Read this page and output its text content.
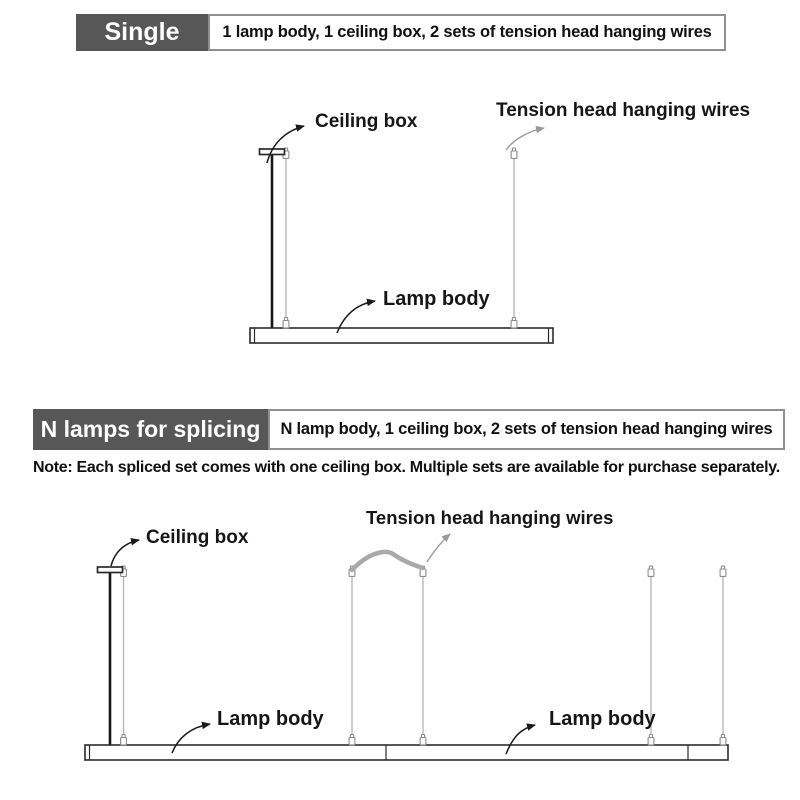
Single	1 lamp body, 1 ceiling box, 2 sets of tension head hanging wires
Ceiling box
Tension head hanging wires
Lamp body
N lamps for splicing	N lamp body, 1 ceiling box, 2 sets of tension head hanging wires
Note: Each spliced set comes with one ceiling box. Multiple sets are available for purchase separately.
Ceiling box
Tension head hanging wires
Lamp body	Lamp body
